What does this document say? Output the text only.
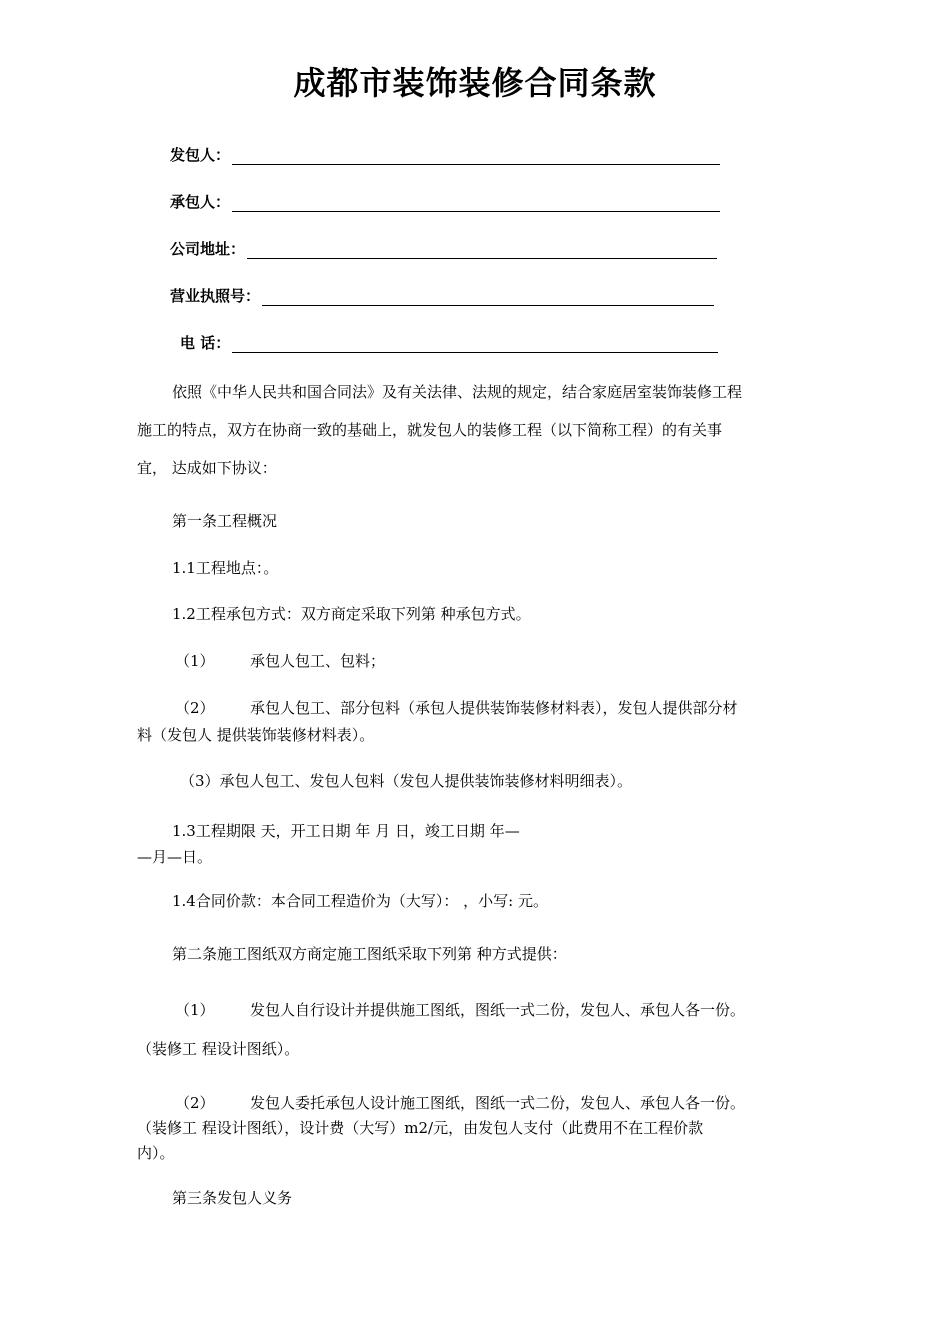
成都市装饰装修合同条款
发包人：
承包人：
公司地址：
营业执照号：
电 话：
依照《中华人民共和国合同法》及有关法律、法规的规定，结合家庭居室装饰装修工程
施工的特点，双方在协商一致的基础上，就发包人的装修工程（以下简称工程）的有关事
宜， 达成如下协议：
第一条工程概况
1.1工程地点：。
1.2工程承包方式：双方商定采取下列第 种承包方式。
（1） 承包人包工、包料；
（2） 承包人包工、部分包料（承包人提供装饰装修材料表），发包人提供部分材
料（发包人 提供装饰装修材料表）。
（3）承包人包工、发包人包料（发包人提供装饰装修材料明细表）。
1.3工程期限 天，开工日期 年 月 日，竣工日期 年—
—月—日。
1.4合同价款：本合同工程造价为（大写）： ，小写: 元。
第二条施工图纸双方商定施工图纸采取下列第 种方式提供：
（1） 发包人自行设计并提供施工图纸，图纸一式二份，发包人、承包人各一份。
（装修工 程设计图纸）。
（2） 发包人委托承包人设计施工图纸，图纸一式二份，发包人、承包人各一份。
（装修工 程设计图纸），设计费（大写）m2/元，由发包人支付（此费用不在工程价款
内）。
第三条发包人义务
